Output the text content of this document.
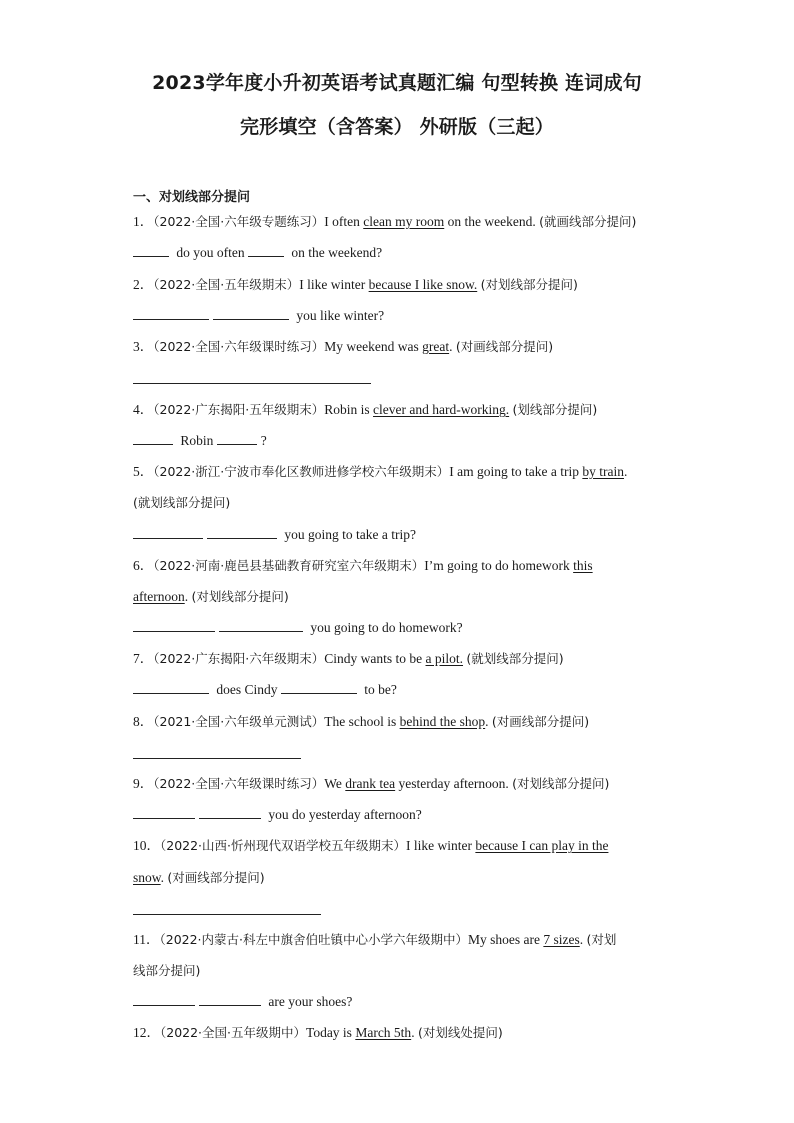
2023学年度小升初英语考试真题汇编 句型转换 连词成句
完形填空（含答案） 外研版（三起）
一、对划线部分提问
1．（2022·全国·六年级专题练习）I often clean my room on the weekend. (就画线部分提问)
do you often	on the weekend?
2．（2022·全国·五年级期末）I like winter because I like snow. (对划线部分提问)
you like winter?
3．（2022·全国·六年级课时练习）My weekend was great. (对画线部分提问)
4．（2022·广东揭阳·五年级期末）Robin is clever and hard-working. (划线部分提问)
Robin	?
5．（2022·浙江·宁波市奉化区教师进修学校六年级期末）I am going to take a trip by train.
(就划线部分提问)
you going to take a trip?
6．（2022·河南·鹿邑县基础教育研究室六年级期末）I’m going to do homework this
afternoon. (对划线部分提问)
you going to do homework?
7．（2022·广东揭阳·六年级期末）Cindy wants to be a pilot. (就划线部分提问)
does Cindy	to be?
8．（2021·全国·六年级单元测试）The school is behind the shop. (对画线部分提问)
9．（2022·全国·六年级课时练习）We drank tea yesterday afternoon. (对划线部分提问)
you do yesterday afternoon?
10．（2022·山西·忻州现代双语学校五年级期末）I like winter because I can play in the
snow. (对画线部分提问)
11．（2022·内蒙古·科左中旗舍伯吐镇中心小学六年级期中）My shoes are 7 sizes. (对划
线部分提问)
are your shoes?
12．（2022·全国·五年级期中）Today is March 5th. (对划线处提问)
